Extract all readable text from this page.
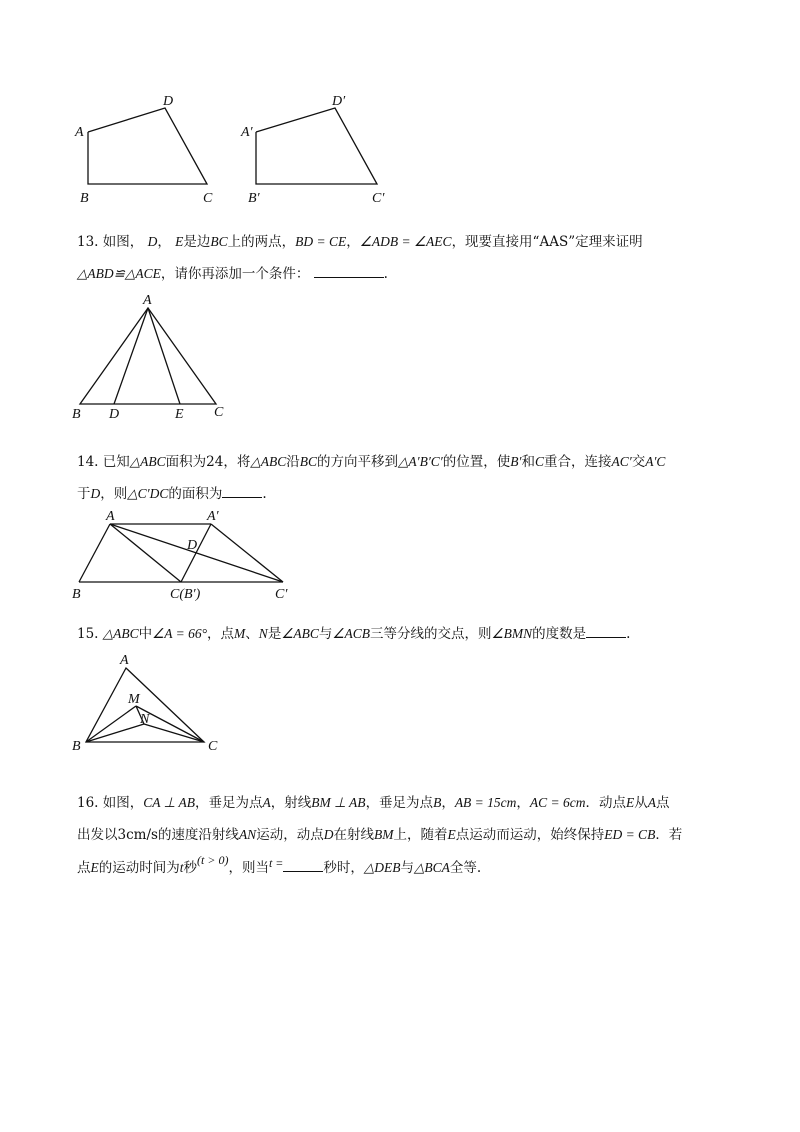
A
D
B	C
A′
D′
B′	C′
13. 如图， D， E是边BC上的两点，BD = CE，∠ADB = ∠AEC，现要直接用“AAS”定理来证明
△ABD≌△ACE，请你再添加一个条件：	.
A
B D	E C
14. 已知△ABC面积为24，将△ABC沿BC的方向平移到△A′B′C′的位置，使B′和C重合，连接AC′交A′C
于D，则△C′DC的面积为	.
A	A′
D
B	C(B′)	C′
15. △ABC中∠A = 66°，点M、N是∠ABC与∠ACB三等分线的交点，则∠BMN的度数是	.
A
M
N
B	C
16. 如图，CA ⊥ AB，垂足为点A，射线BM ⊥ AB，垂足为点B，AB = 15cm，AC = 6cm．动点E从A点
出发以3cm/s的速度沿射线AN运动，动点D在射线BM上，随着E点运动而运动，始终保持ED = CB．若
点E的运动时间为t秒(t > 0)，则当t =	秒时，△DEB与△BCA全等.
